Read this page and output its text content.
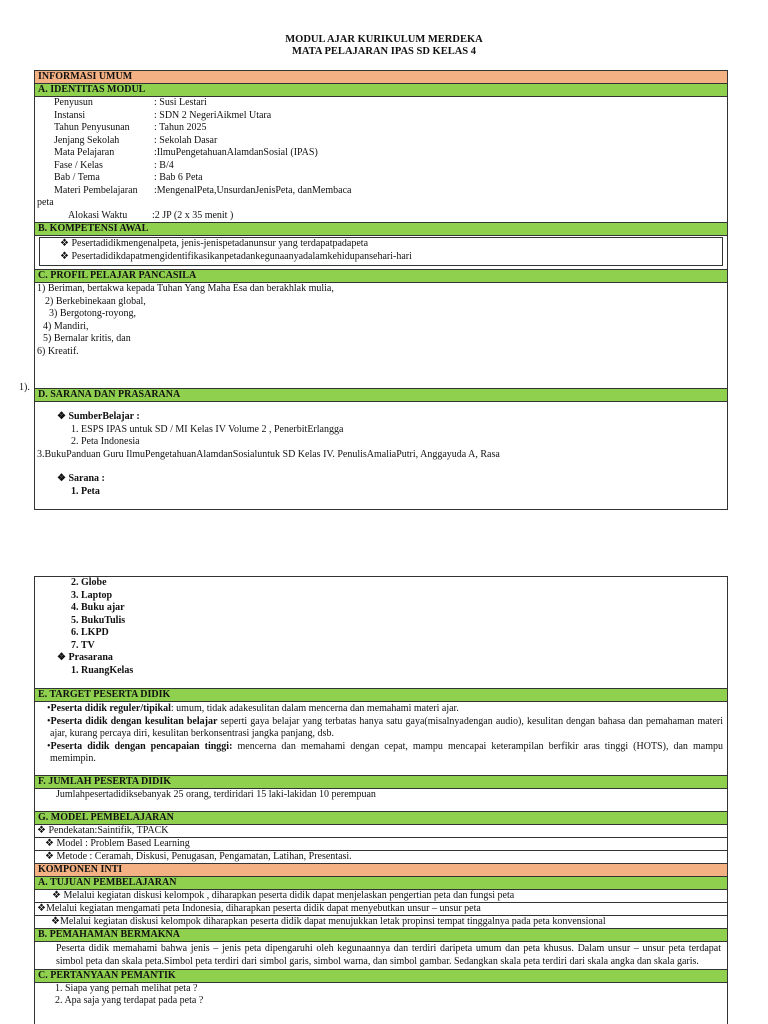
MODUL AJAR KURIKULUM MERDEKA
MATA PELAJARAN IPAS SD KELAS 4
INFORMASI UMUM
A. IDENTITAS MODUL
Penyusun	: Susi Lestari
Instansi	: SDN 2 NegeriAikmel Utara
Tahun Penyusunan : Tahun 2025
Jenjang Sekolah	: Sekolah Dasar
Mata Pelajaran	:IlmuPengetahuanAlamdanSosial (IPAS)
Fase / Kelas	: B/4
Bab / Tema	: Bab 6 Peta
Materi Pembelajaran :MengenalPeta,UnsurdanJenisPeta, danMembaca
peta
Alokasi Waktu :2 JP (2 x 35 menit )
B. KOMPETENSI AWAL
❖ Pesertadidikmengenalpeta, jenis-jenispetadanunsur yang terdapatpadapeta
❖ Pesertadidikdapatmengidentifikasikanpetadankegunaanyadalamkehidupansehari-hari
C. PROFIL PELAJAR PANCASILA
1) Beriman, bertakwa kepada Tuhan Yang Maha Esa dan berakhlak mulia,
2) Berkebinekaan global,
3) Bergotong-royong,
4) Mandiri,
5) Bernalar kritis, dan
6) Kreatif.
D. SARANA DAN PRASARANA
❖ SumberBelajar :
1. ESPS IPAS untuk SD / MI Kelas IV Volume 2 , PenerbitErlangga
2. Peta Indonesia
3.BukuPanduan Guru IlmuPengetahuanAlamdanSosialuntuk SD Kelas IV. PenulisAmaliaPutri, Anggayuda A, Rasa
❖ Sarana :
1. Peta
1).
2. Globe
3. Laptop
4. Buku ajar
5. BukuTulis
6. LKPD
7. TV
❖ Prasarana
1. RuangKelas
E. TARGET PESERTA DIDIK
•Peserta didik reguler/tipikal: umum, tidak adakesulitan dalam mencerna dan memahami materi ajar.
•Peserta didik dengan kesulitan belajar seperti gaya belajar yang terbatas hanya satu gaya(misalnyadengan audio), kesulitan dengan bahasa dan pemahaman materi ajar, kurang percaya diri, kesulitan berkonsentrasi jangka panjang, dsb.
•Peserta didik dengan pencapaian tinggi: mencerna dan memahami dengan cepat, mampu mencapai keterampilan berfikir aras tinggi (HOTS), dan mampu memimpin.
F. JUMLAH PESERTA DIDIK
Jumlahpesertadidiksebanyak 25 orang, terdiridari 15 laki-lakidan 10 perempuan
G. MODEL PEMBELAJARAN
❖ Pendekatan:Saintifik, TPACK
❖ Model : Problem Based Learning
❖ Metode : Ceramah, Diskusi, Penugasan, Pengamatan, Latihan, Presentasi.
KOMPONEN INTI
A. TUJUAN PEMBELAJARAN
❖ Melalui kegiatan diskusi kelompok , diharapkan peserta didik dapat menjelaskan pengertian peta dan fungsi peta
❖Melalui kegiatan mengamati peta Indonesia, diharapkan peserta didik dapat menyebutkan unsur – unsur peta
❖Melalui kegiatan diskusi kelompok diharapkan peserta didik dapat menujukkan letak propinsi tempat tinggalnya pada peta konvensional
B. PEMAHAMAN BERMAKNA
Peserta didik memahami bahwa jenis – jenis peta dipengaruhi oleh kegunaannya dan terdiri daripeta umum dan peta khusus. Dalam unsur – unsur peta terdapat simbol peta dan skala peta.Simbol peta terdiri dari simbol garis, simbol warna, dan simbol gambar. Sedangkan skala peta terdiri dari skala angka dan skala garis.
C. PERTANYAAN PEMANTIK
1. Siapa yang pernah melihat peta ?
2. Apa saja yang terdapat pada peta ?
